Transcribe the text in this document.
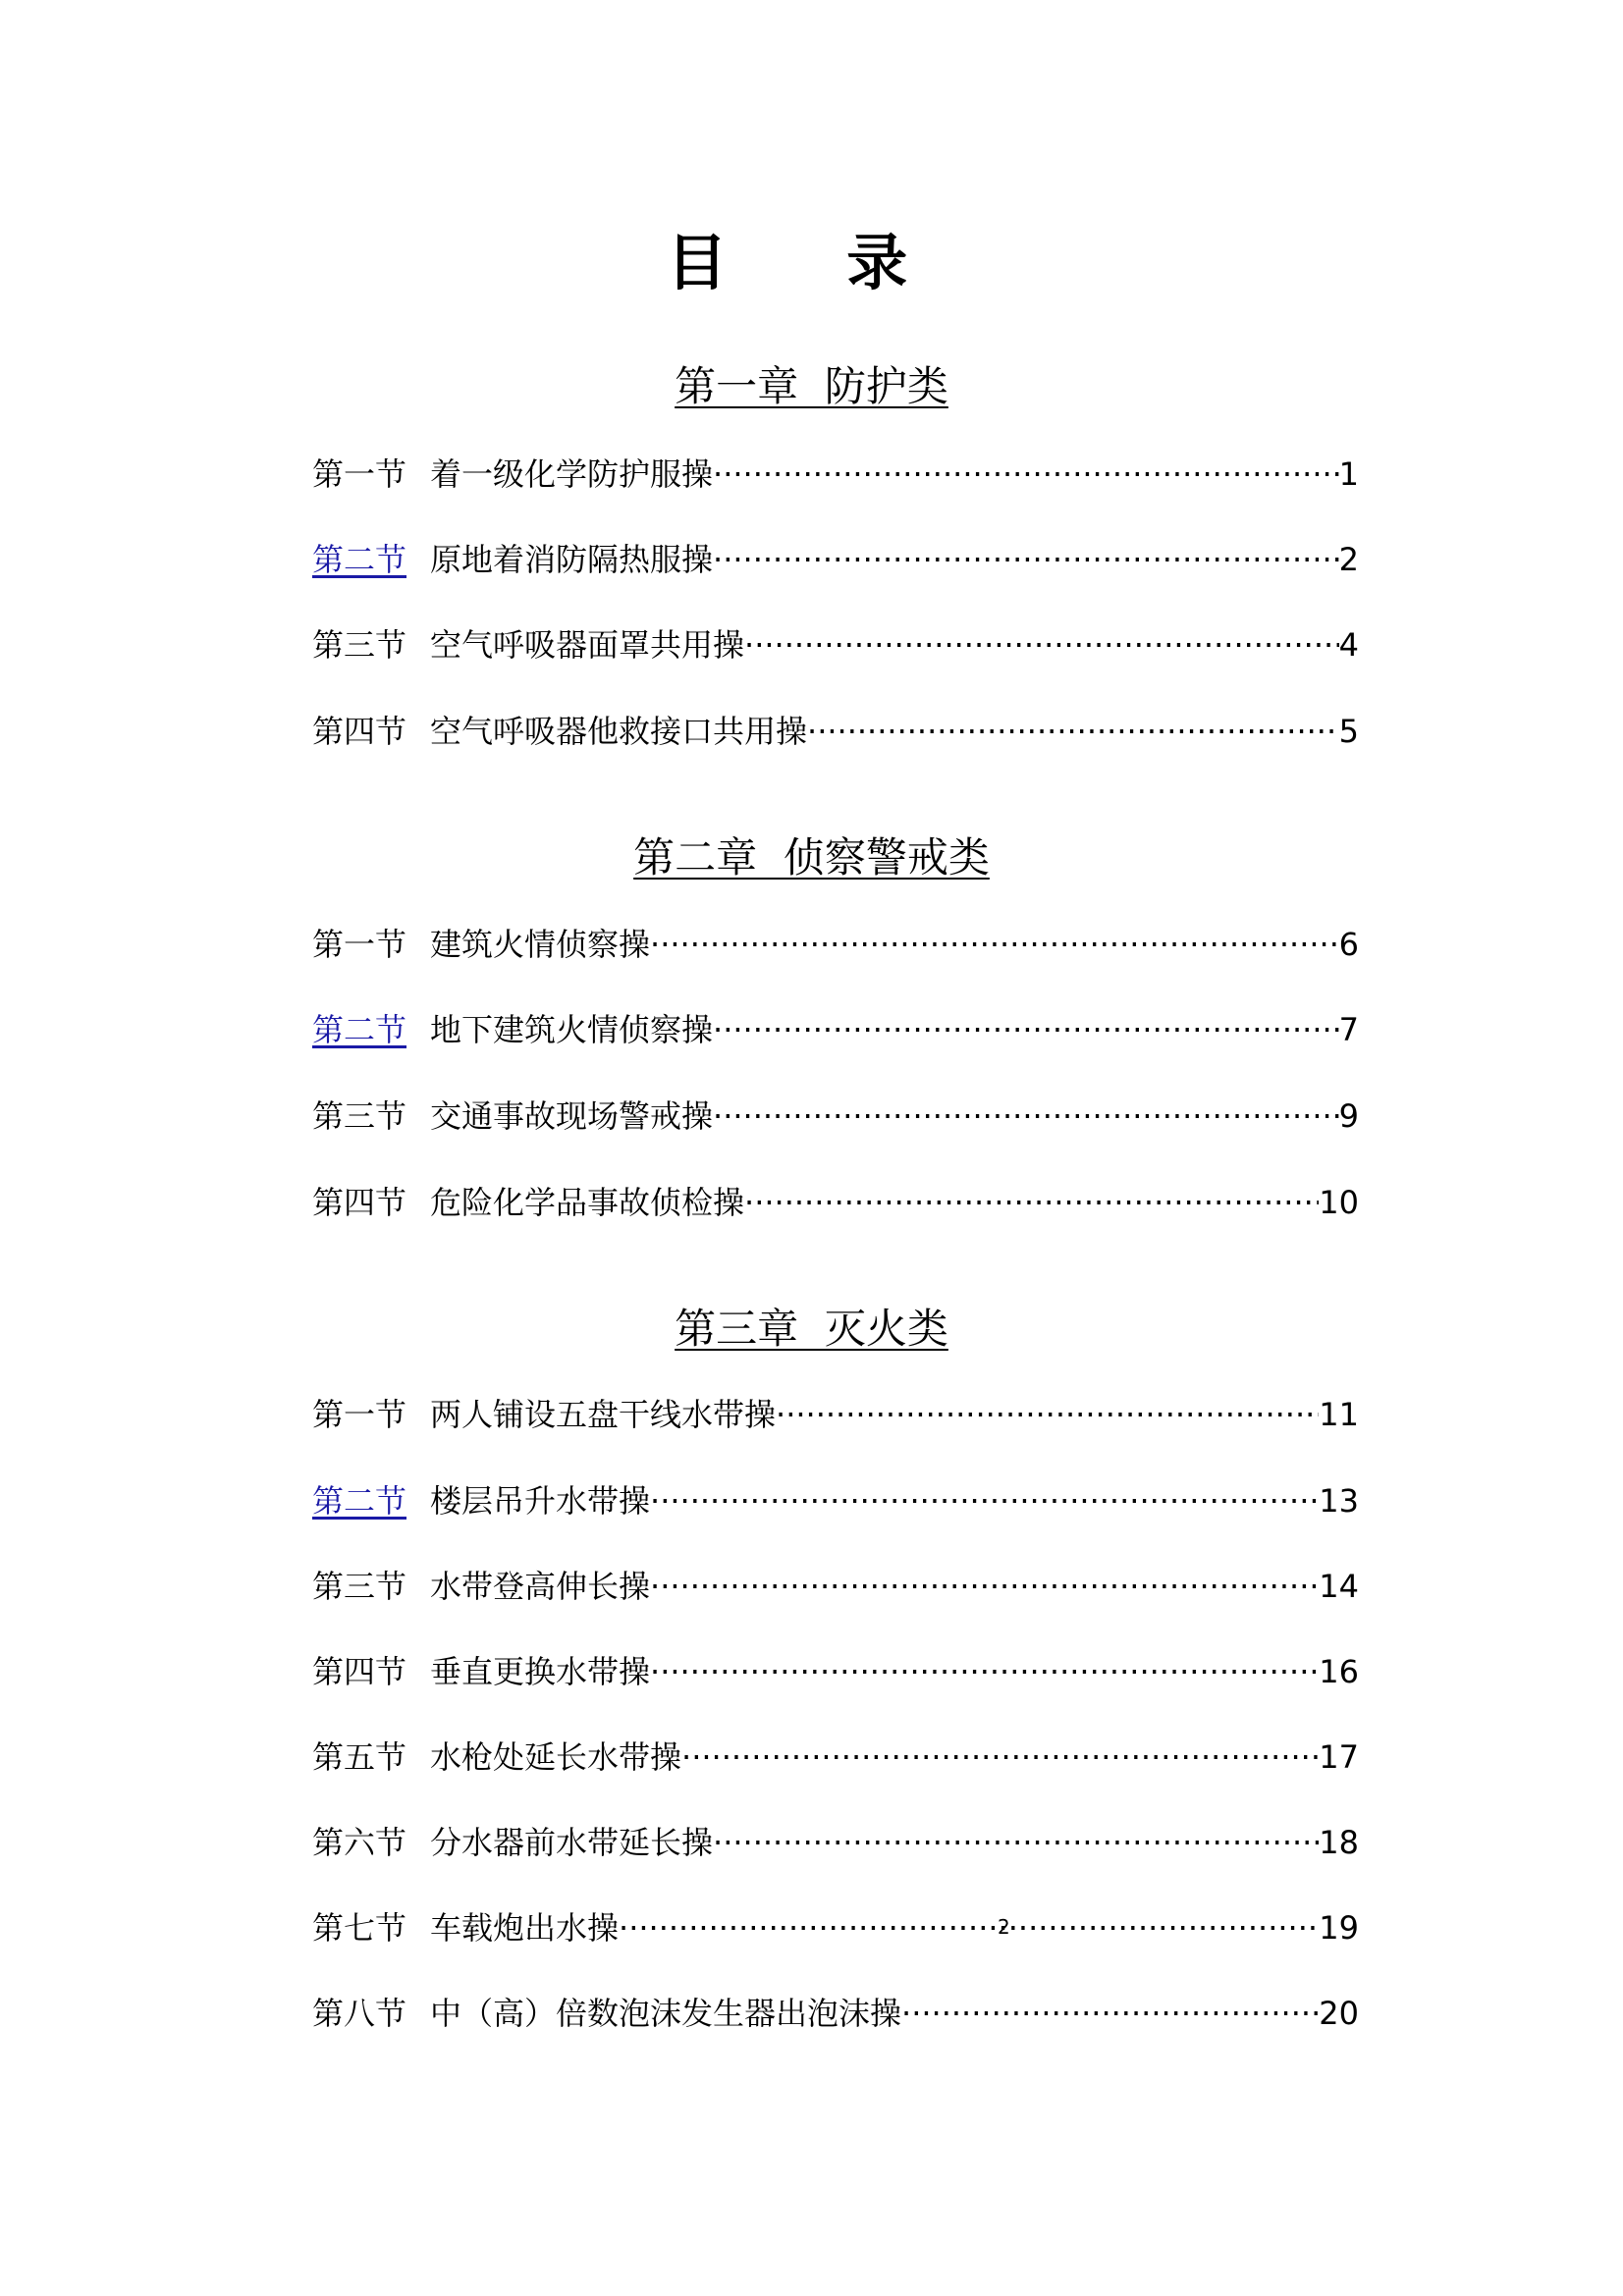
目 录
第一章  防护类
第一节 着一级化学防护服操 ·····	1
第二节 原地着消防隔热服操 ·····	2
第三节 空气呼吸器面罩共用操 ·····	4
第四节 空气呼吸器他救接口共用操 ·····	5
第二章  侦察警戒类
第一节 建筑火情侦察操 ·····	6
第二节 地下建筑火情侦察操 ·····	7
第三节 交通事故现场警戒操 ·····	9
第四节 危险化学品事故侦检操 ·····	10
第三章  灭火类
第一节 两人铺设五盘干线水带操 ·····	11
第二节 楼层吊升水带操 ·····	13
第三节 水带登高伸长操 ·····	14
第四节 垂直更换水带操 ·····	16
第五节 水枪处延长水带操 ·····	17
第六节 分水器前水带延长操 ·····	18
第七节 车载炮出水操 ·····	19
第八节 中（高）倍数泡沫发生器出泡沫操 ·····	20
2
